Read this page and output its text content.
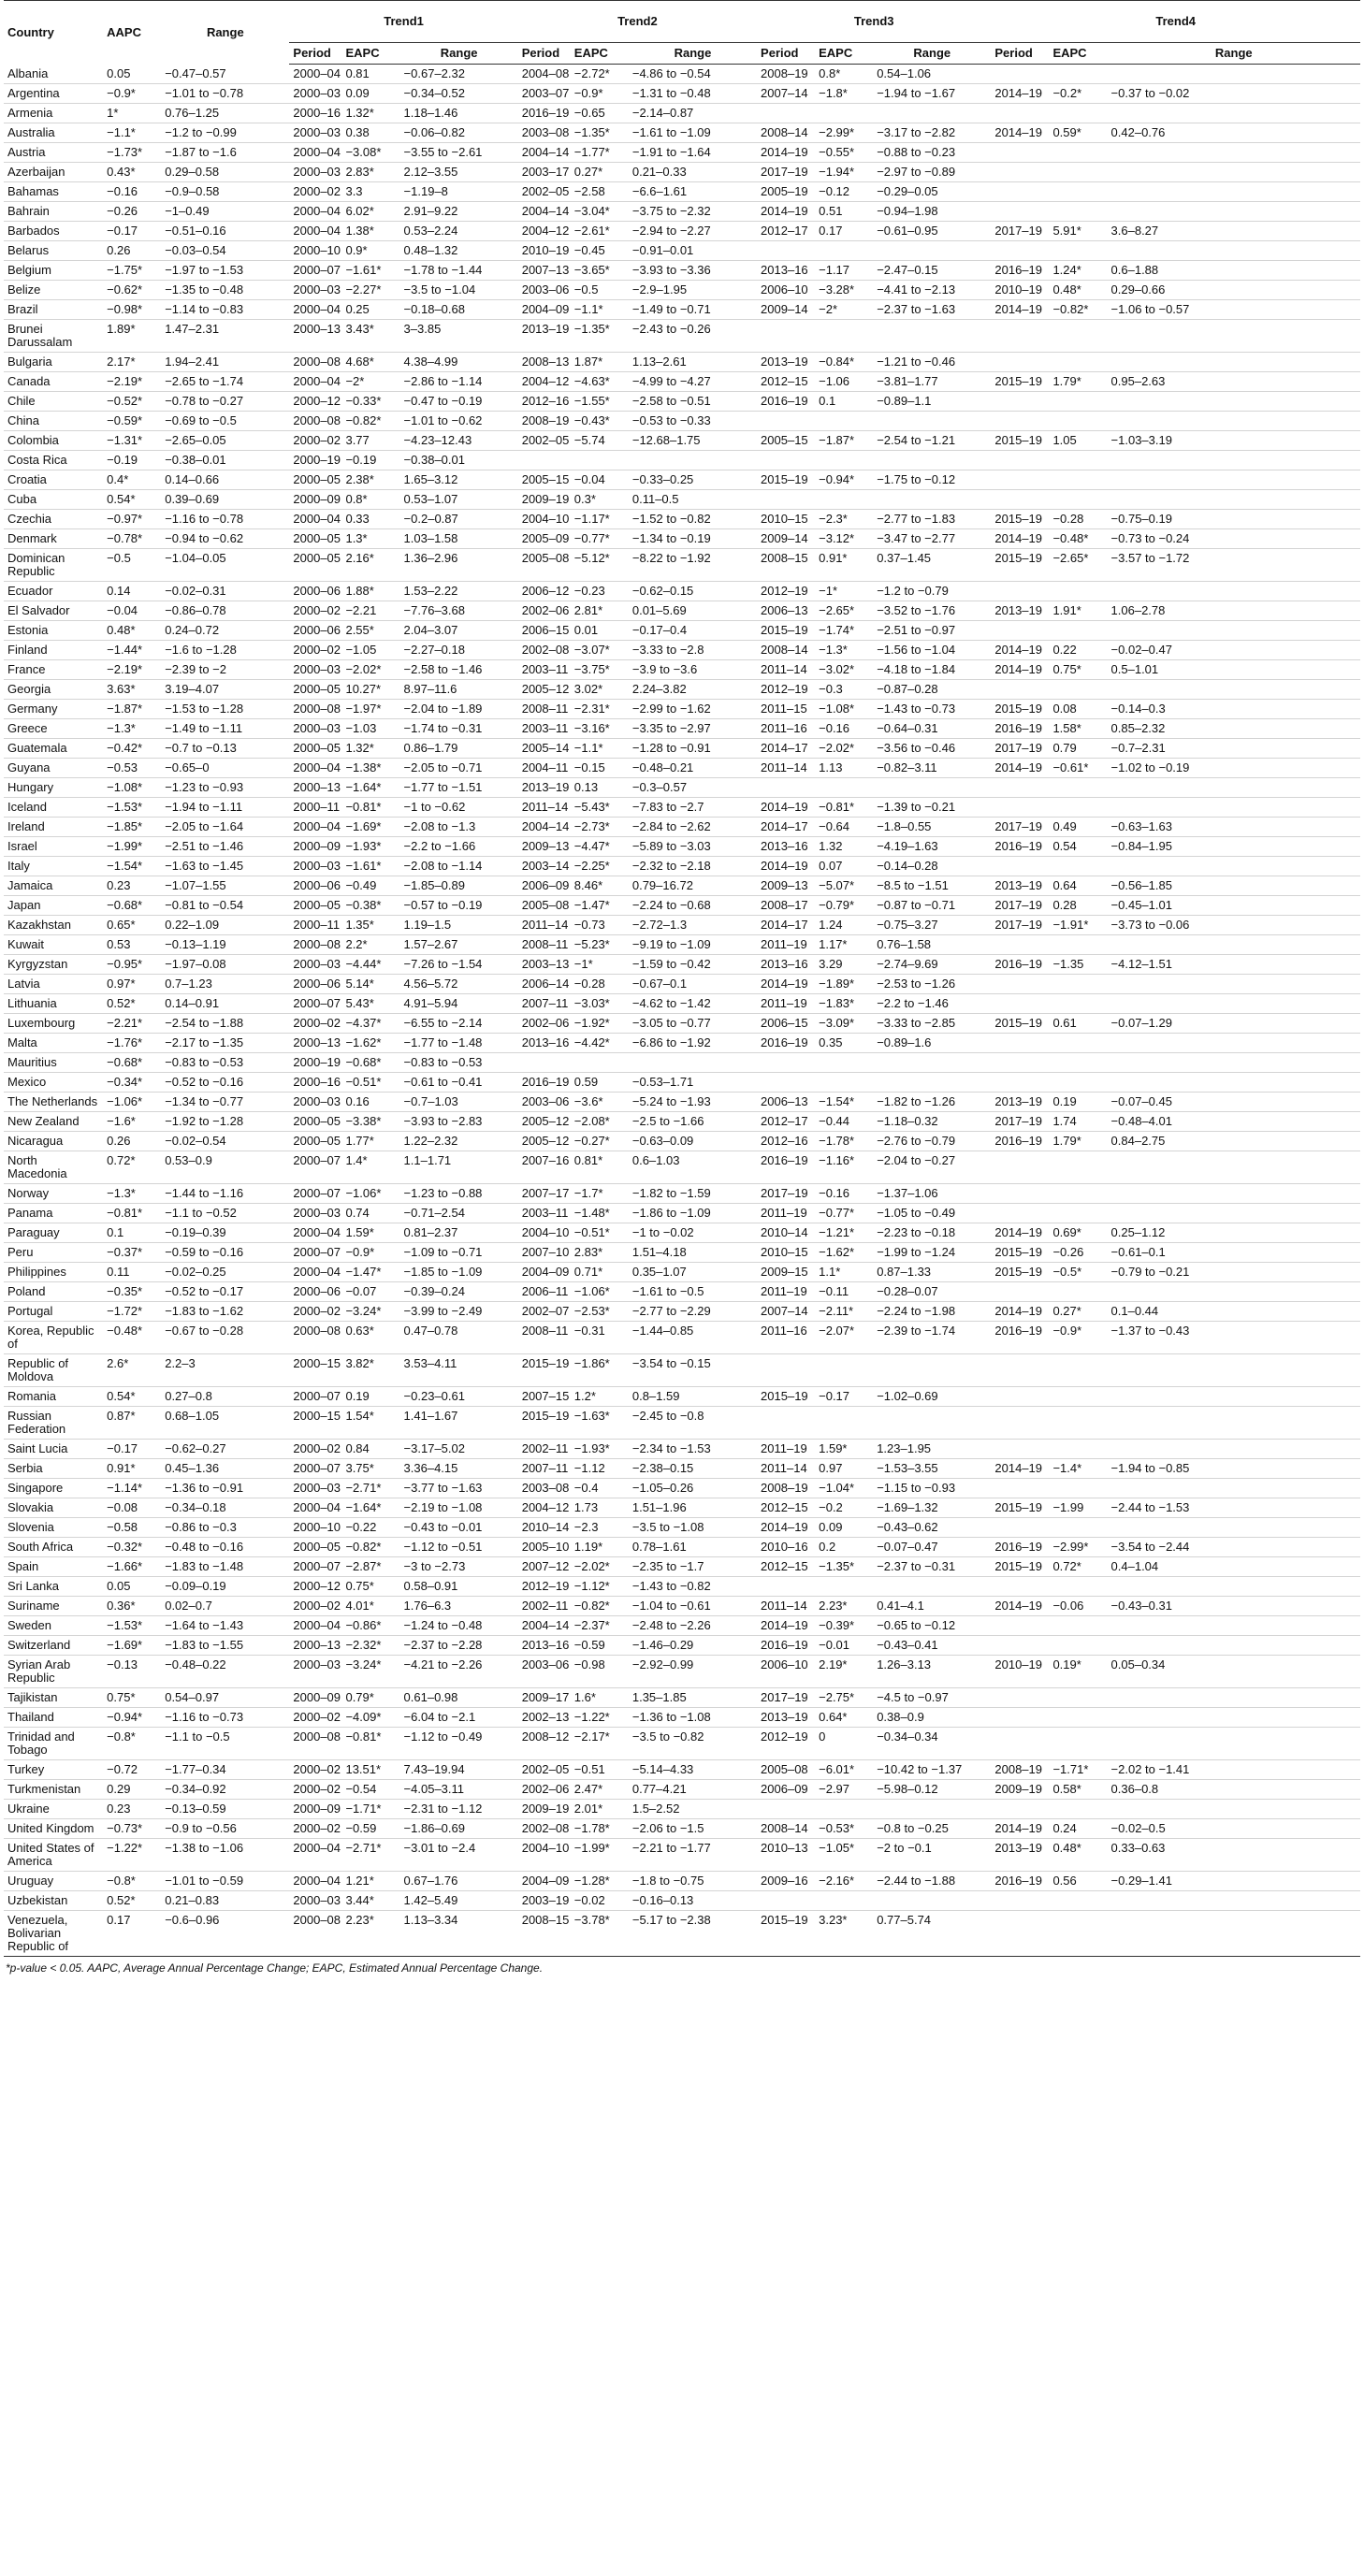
Country	AAPC	Range	Trend1			Trend2			Trend3			Trend4		
			Period	EAPC	Range	Period	EAPC	Range	Period	EAPC	Range	Period	EAPC	Range
Albania	0.05	−0.47–0.57	2000–04	0.81	−0.67–2.32	2004–08	−2.72*	−4.86 to −0.54	2008–19	0.8*	0.54–1.06			
Argentina	−0.9*	−1.01 to −0.78	2000–03	0.09	−0.34–0.52	2003–07	−0.9*	−1.31 to −0.48	2007–14	−1.8*	−1.94 to −1.67	2014–19	−0.2*	−0.37 to −0.02
Armenia	1*	0.76–1.25	2000–16	1.32*	1.18–1.46	2016–19	−0.65	−2.14–0.87						
Australia	−1.1*	−1.2 to −0.99	2000–03	0.38	−0.06–0.82	2003–08	−1.35*	−1.61 to −1.09	2008–14	−2.99*	−3.17 to −2.82	2014–19	0.59*	0.42–0.76
Austria	−1.73*	−1.87 to −1.6	2000–04	−3.08*	−3.55 to −2.61	2004–14	−1.77*	−1.91 to −1.64	2014–19	−0.55*	−0.88 to −0.23			
Azerbaijan	0.43*	0.29–0.58	2000–03	2.83*	2.12–3.55	2003–17	0.27*	0.21–0.33	2017–19	−1.94*	−2.97 to −0.89			
Bahamas	−0.16	−0.9–0.58	2000–02	3.3	−1.19–8	2002–05	−2.58	−6.6–1.61	2005–19	−0.12	−0.29–0.05			
Bahrain	−0.26	−1–0.49	2000–04	6.02*	2.91–9.22	2004–14	−3.04*	−3.75 to −2.32	2014–19	0.51	−0.94–1.98			
Barbados	−0.17	−0.51–0.16	2000–04	1.38*	0.53–2.24	2004–12	−2.61*	−2.94 to −2.27	2012–17	0.17	−0.61–0.95	2017–19	5.91*	3.6–8.27
Belarus	0.26	−0.03–0.54	2000–10	0.9*	0.48–1.32	2010–19	−0.45	−0.91–0.01						
Belgium	−1.75*	−1.97 to −1.53	2000–07	−1.61*	−1.78 to −1.44	2007–13	−3.65*	−3.93 to −3.36	2013–16	−1.17	−2.47–0.15	2016–19	1.24*	0.6–1.88
Belize	−0.62*	−1.35 to −0.48	2000–03	−2.27*	−3.5 to −1.04	2003–06	−0.5	−2.9–1.95	2006–10	−3.28*	−4.41 to −2.13	2010–19	0.48*	0.29–0.66
Brazil	−0.98*	−1.14 to −0.83	2000–04	0.25	−0.18–0.68	2004–09	−1.1*	−1.49 to −0.71	2009–14	−2*	−2.37 to −1.63	2014–19	−0.82*	−1.06 to −0.57
Brunei Darussalam	1.89*	1.47–2.31	2000–13	3.43*	3–3.85	2013–19	−1.35*	−2.43 to −0.26						
Bulgaria	2.17*	1.94–2.41	2000–08	4.68*	4.38–4.99	2008–13	1.87*	1.13–2.61	2013–19	−0.84*	−1.21 to −0.46			
Canada	−2.19*	−2.65 to −1.74	2000–04	−2*	−2.86 to −1.14	2004–12	−4.63*	−4.99 to −4.27	2012–15	−1.06	−3.81–1.77	2015–19	1.79*	0.95–2.63
Chile	−0.52*	−0.78 to −0.27	2000–12	−0.33*	−0.47 to −0.19	2012–16	−1.55*	−2.58 to −0.51	2016–19	0.1	−0.89–1.1			
China	−0.59*	−0.69 to −0.5	2000–08	−0.82*	−1.01 to −0.62	2008–19	−0.43*	−0.53 to −0.33						
Colombia	−1.31*	−2.65–0.05	2000–02	3.77	−4.23–12.43	2002–05	−5.74	−12.68–1.75	2005–15	−1.87*	−2.54 to −1.21	2015–19	1.05	−1.03–3.19
Costa Rica	−0.19	−0.38–0.01	2000–19	−0.19	−0.38–0.01									
Croatia	0.4*	0.14–0.66	2000–05	2.38*	1.65–3.12	2005–15	−0.04	−0.33–0.25	2015–19	−0.94*	−1.75 to −0.12			
Cuba	0.54*	0.39–0.69	2000–09	0.8*	0.53–1.07	2009–19	0.3*	0.11–0.5						
Czechia	−0.97*	−1.16 to −0.78	2000–04	0.33	−0.2–0.87	2004–10	−1.17*	−1.52 to −0.82	2010–15	−2.3*	−2.77 to −1.83	2015–19	−0.28	−0.75–0.19
Denmark	−0.78*	−0.94 to −0.62	2000–05	1.3*	1.03–1.58	2005–09	−0.77*	−1.34 to −0.19	2009–14	−3.12*	−3.47 to −2.77	2014–19	−0.48*	−0.73 to −0.24
Dominican Republic	−0.5	−1.04–0.05	2000–05	2.16*	1.36–2.96	2005–08	−5.12*	−8.22 to −1.92	2008–15	0.91*	0.37–1.45	2015–19	−2.65*	−3.57 to −1.72
Ecuador	0.14	−0.02–0.31	2000–06	1.88*	1.53–2.22	2006–12	−0.23	−0.62–0.15	2012–19	−1*	−1.2 to −0.79			
El Salvador	−0.04	−0.86–0.78	2000–02	−2.21	−7.76–3.68	2002–06	2.81*	0.01–5.69	2006–13	−2.65*	−3.52 to −1.76	2013–19	1.91*	1.06–2.78
Estonia	0.48*	0.24–0.72	2000–06	2.55*	2.04–3.07	2006–15	0.01	−0.17–0.4	2015–19	−1.74*	−2.51 to −0.97			
Finland	−1.44*	−1.6 to −1.28	2000–02	−1.05	−2.27–0.18	2002–08	−3.07*	−3.33 to −2.8	2008–14	−1.3*	−1.56 to −1.04	2014–19	0.22	−0.02–0.47
France	−2.19*	−2.39 to −2	2000–03	−2.02*	−2.58 to −1.46	2003–11	−3.75*	−3.9 to −3.6	2011–14	−3.02*	−4.18 to −1.84	2014–19	0.75*	0.5–1.01
Georgia	3.63*	3.19–4.07	2000–05	10.27*	8.97–11.6	2005–12	3.02*	2.24–3.82	2012–19	−0.3	−0.87–0.28			
Germany	−1.87*	−1.53 to −1.28	2000–08	−1.97*	−2.04 to −1.89	2008–11	−2.31*	−2.99 to −1.62	2011–15	−1.08*	−1.43 to −0.73	2015–19	0.08	−0.14–0.3
Greece	−1.3*	−1.49 to −1.11	2000–03	−1.03	−1.74 to −0.31	2003–11	−3.16*	−3.35 to −2.97	2011–16	−0.16	−0.64–0.31	2016–19	1.58*	0.85–2.32
Guatemala	−0.42*	−0.7 to −0.13	2000–05	1.32*	0.86–1.79	2005–14	−1.1*	−1.28 to −0.91	2014–17	−2.02*	−3.56 to −0.46	2017–19	0.79	−0.7–2.31
Guyana	−0.53	−0.65–0	2000–04	−1.38*	−2.05 to −0.71	2004–11	−0.15	−0.48–0.21	2011–14	1.13	−0.82–3.11	2014–19	−0.61*	−1.02 to −0.19
Hungary	−1.08*	−1.23 to −0.93	2000–13	−1.64*	−1.77 to −1.51	2013–19	0.13	−0.3–0.57						
Iceland	−1.53*	−1.94 to −1.11	2000–11	−0.81*	−1 to −0.62	2011–14	−5.43*	−7.83 to −2.7	2014–19	−0.81*	−1.39 to −0.21			
Ireland	−1.85*	−2.05 to −1.64	2000–04	−1.69*	−2.08 to −1.3	2004–14	−2.73*	−2.84 to −2.62	2014–17	−0.64	−1.8–0.55	2017–19	0.49	−0.63–1.63
Israel	−1.99*	−2.51 to −1.46	2000–09	−1.93*	−2.2 to −1.66	2009–13	−4.47*	−5.89 to −3.03	2013–16	1.32	−4.19–1.63	2016–19	0.54	−0.84–1.95
Italy	−1.54*	−1.63 to −1.45	2000–03	−1.61*	−2.08 to −1.14	2003–14	−2.25*	−2.32 to −2.18	2014–19	0.07	−0.14–0.28			
Jamaica	0.23	−1.07–1.55	2000–06	−0.49	−1.85–0.89	2006–09	8.46*	0.79–16.72	2009–13	−5.07*	−8.5 to −1.51	2013–19	0.64	−0.56–1.85
Japan	−0.68*	−0.81 to −0.54	2000–05	−0.38*	−0.57 to −0.19	2005–08	−1.47*	−2.24 to −0.68	2008–17	−0.79*	−0.87 to −0.71	2017–19	0.28	−0.45–1.01
Kazakhstan	0.65*	0.22–1.09	2000–11	1.35*	1.19–1.5	2011–14	−0.73	−2.72–1.3	2014–17	1.24	−0.75–3.27	2017–19	−1.91*	−3.73 to −0.06
Kuwait	0.53	−0.13–1.19	2000–08	2.2*	1.57–2.67	2008–11	−5.23*	−9.19 to −1.09	2011–19	1.17*	0.76–1.58			
Kyrgyzstan	−0.95*	−1.97–0.08	2000–03	−4.44*	−7.26 to −1.54	2003–13	−1*	−1.59 to −0.42	2013–16	3.29	−2.74–9.69	2016–19	−1.35	−4.12–1.51
Latvia	0.97*	0.7–1.23	2000–06	5.14*	4.56–5.72	2006–14	−0.28	−0.67–0.1	2014–19	−1.89*	−2.53 to −1.26			
Lithuania	0.52*	0.14–0.91	2000–07	5.43*	4.91–5.94	2007–11	−3.03*	−4.62 to −1.42	2011–19	−1.83*	−2.2 to −1.46			
Luxembourg	−2.21*	−2.54 to −1.88	2000–02	−4.37*	−6.55 to −2.14	2002–06	−1.92*	−3.05 to −0.77	2006–15	−3.09*	−3.33 to −2.85	2015–19	0.61	−0.07–1.29
Malta	−1.76*	−2.17 to −1.35	2000–13	−1.62*	−1.77 to −1.48	2013–16	−4.42*	−6.86 to −1.92	2016–19	0.35	−0.89–1.6			
Mauritius	−0.68*	−0.83 to −0.53	2000–19	−0.68*	−0.83 to −0.53									
Mexico	−0.34*	−0.52 to −0.16	2000–16	−0.51*	−0.61 to −0.41	2016–19	0.59	−0.53–1.71						
The Netherlands	−1.06*	−1.34 to −0.77	2000–03	0.16	−0.7–1.03	2003–06	−3.6*	−5.24 to −1.93	2006–13	−1.54*	−1.82 to −1.26	2013–19	0.19	−0.07–0.45
New Zealand	−1.6*	−1.92 to −1.28	2000–05	−3.38*	−3.93 to −2.83	2005–12	−2.08*	−2.5 to −1.66	2012–17	−0.44	−1.18–0.32	2017–19	1.74	−0.48–4.01
Nicaragua	0.26	−0.02–0.54	2000–05	1.77*	1.22–2.32	2005–12	−0.27*	−0.63–0.09	2012–16	−1.78*	−2.76 to −0.79	2016–19	1.79*	0.84–2.75
North Macedonia	0.72*	0.53–0.9	2000–07	1.4*	1.1–1.71	2007–16	0.81*	0.6–1.03	2016–19	−1.16*	−2.04 to −0.27			
Norway	−1.3*	−1.44 to −1.16	2000–07	−1.06*	−1.23 to −0.88	2007–17	−1.7*	−1.82 to −1.59	2017–19	−0.16	−1.37–1.06			
Panama	−0.81*	−1.1 to −0.52	2000–03	0.74	−0.71–2.54	2003–11	−1.48*	−1.86 to −1.09	2011–19	−0.77*	−1.05 to −0.49			
Paraguay	0.1	−0.19–0.39	2000–04	1.59*	0.81–2.37	2004–10	−0.51*	−1 to −0.02	2010–14	−1.21*	−2.23 to −0.18	2014–19	0.69*	0.25–1.12
Peru	−0.37*	−0.59 to −0.16	2000–07	−0.9*	−1.09 to −0.71	2007–10	2.83*	1.51–4.18	2010–15	−1.62*	−1.99 to −1.24	2015–19	−0.26	−0.61–0.1
Philippines	0.11	−0.02–0.25	2000–04	−1.47*	−1.85 to −1.09	2004–09	0.71*	0.35–1.07	2009–15	1.1*	0.87–1.33	2015–19	−0.5*	−0.79 to −0.21
Poland	−0.35*	−0.52 to −0.17	2000–06	−0.07	−0.39–0.24	2006–11	−1.06*	−1.61 to −0.5	2011–19	−0.11	−0.28–0.07			
Portugal	−1.72*	−1.83 to −1.62	2000–02	−3.24*	−3.99 to −2.49	2002–07	−2.53*	−2.77 to −2.29	2007–14	−2.11*	−2.24 to −1.98	2014–19	0.27*	0.1–0.44
Korea, Republic of	−0.48*	−0.67 to −0.28	2000–08	0.63*	0.47–0.78	2008–11	−0.31	−1.44–0.85	2011–16	−2.07*	−2.39 to −1.74	2016–19	−0.9*	−1.37 to −0.43
Republic of Moldova	2.6*	2.2–3	2000–15	3.82*	3.53–4.11	2015–19	−1.86*	−3.54 to −0.15						
Romania	0.54*	0.27–0.8	2000–07	0.19	−0.23–0.61	2007–15	1.2*	0.8–1.59	2015–19	−0.17	−1.02–0.69			
Russian Federation	0.87*	0.68–1.05	2000–15	1.54*	1.41–1.67	2015–19	−1.63*	−2.45 to −0.8						
Saint Lucia	−0.17	−0.62–0.27	2000–02	0.84	−3.17–5.02	2002–11	−1.93*	−2.34 to −1.53	2011–19	1.59*	1.23–1.95			
Serbia	0.91*	0.45–1.36	2000–07	3.75*	3.36–4.15	2007–11	−1.12	−2.38–0.15	2011–14	0.97	−1.53–3.55	2014–19	−1.4*	−1.94 to −0.85
Singapore	−1.14*	−1.36 to −0.91	2000–03	−2.71*	−3.77 to −1.63	2003–08	−0.4	−1.05–0.26	2008–19	−1.04*	−1.15 to −0.93			
Slovakia	−0.08	−0.34–0.18	2000–04	−1.64*	−2.19 to −1.08	2004–12	1.73	1.51–1.96	2012–15	−0.2	−1.69–1.32	2015–19	−1.99	−2.44 to −1.53
Slovenia	−0.58	−0.86 to −0.3	2000–10	−0.22	−0.43 to −0.01	2010–14	−2.3	−3.5 to −1.08	2014–19	0.09	−0.43–0.62			
South Africa	−0.32*	−0.48 to −0.16	2000–05	−0.82*	−1.12 to −0.51	2005–10	1.19*	0.78–1.61	2010–16	0.2	−0.07–0.47	2016–19	−2.99*	−3.54 to −2.44
Spain	−1.66*	−1.83 to −1.48	2000–07	−2.87*	−3 to −2.73	2007–12	−2.02*	−2.35 to −1.7	2012–15	−1.35*	−2.37 to −0.31	2015–19	0.72*	0.4–1.04
Sri Lanka	0.05	−0.09–0.19	2000–12	0.75*	0.58–0.91	2012–19	−1.12*	−1.43 to −0.82						
Suriname	0.36*	0.02–0.7	2000–02	4.01*	1.76–6.3	2002–11	−0.82*	−1.04 to −0.61	2011–14	2.23*	0.41–4.1	2014–19	−0.06	−0.43–0.31
Sweden	−1.53*	−1.64 to −1.43	2000–04	−0.86*	−1.24 to −0.48	2004–14	−2.37*	−2.48 to −2.26	2014–19	−0.39*	−0.65 to −0.12			
Switzerland	−1.69*	−1.83 to −1.55	2000–13	−2.32*	−2.37 to −2.28	2013–16	−0.59	−1.46–0.29	2016–19	−0.01	−0.43–0.41			
Syrian Arab Republic	−0.13	−0.48–0.22	2000–03	−3.24*	−4.21 to −2.26	2003–06	−0.98	−2.92–0.99	2006–10	2.19*	1.26–3.13	2010–19	0.19*	0.05–0.34
Tajikistan	0.75*	0.54–0.97	2000–09	0.79*	0.61–0.98	2009–17	1.6*	1.35–1.85	2017–19	−2.75*	−4.5 to −0.97			
Thailand	−0.94*	−1.16 to −0.73	2000–02	−4.09*	−6.04 to −2.1	2002–13	−1.22*	−1.36 to −1.08	2013–19	0.64*	0.38–0.9			
Trinidad and Tobago	−0.8*	−1.1 to −0.5	2000–08	−0.81*	−1.12 to −0.49	2008–12	−2.17*	−3.5 to −0.82	2012–19	0	−0.34–0.34			
Turkey	−0.72	−1.77–0.34	2000–02	13.51*	7.43–19.94	2002–05	−0.51	−5.14–4.33	2005–08	−6.01*	−10.42 to −1.37	2008–19	−1.71*	−2.02 to −1.41
Turkmenistan	0.29	−0.34–0.92	2000–02	−0.54	−4.05–3.11	2002–06	2.47*	0.77–4.21	2006–09	−2.97	−5.98–0.12	2009–19	0.58*	0.36–0.8
Ukraine	0.23	−0.13–0.59	2000–09	−1.71*	−2.31 to −1.12	2009–19	2.01*	1.5–2.52						
United Kingdom	−0.73*	−0.9 to −0.56	2000–02	−0.59	−1.86–0.69	2002–08	−1.78*	−2.06 to −1.5	2008–14	−0.53*	−0.8 to −0.25	2014–19	0.24	−0.02–0.5
United States of America	−1.22*	−1.38 to −1.06	2000–04	−2.71*	−3.01 to −2.4	2004–10	−1.99*	−2.21 to −1.77	2010–13	−1.05*	−2 to −0.1	2013–19	0.48*	0.33–0.63
Uruguay	−0.8*	−1.01 to −0.59	2000–04	1.21*	0.67–1.76	2004–09	−1.28*	−1.8 to −0.75	2009–16	−2.16*	−2.44 to −1.88	2016–19	0.56	−0.29–1.41
Uzbekistan	0.52*	0.21–0.83	2000–03	3.44*	1.42–5.49	2003–19	−0.02	−0.16–0.13						
Venezuela, Bolivarian Republic of	0.17	−0.6–0.96	2000–08	2.23*	1.13–3.34	2008–15	−3.78*	−5.17 to −2.38	2015–19	3.23*	0.77–5.74			
*p-value < 0.05. AAPC, Average Annual Percentage Change; EAPC, Estimated Annual Percentage Change.
